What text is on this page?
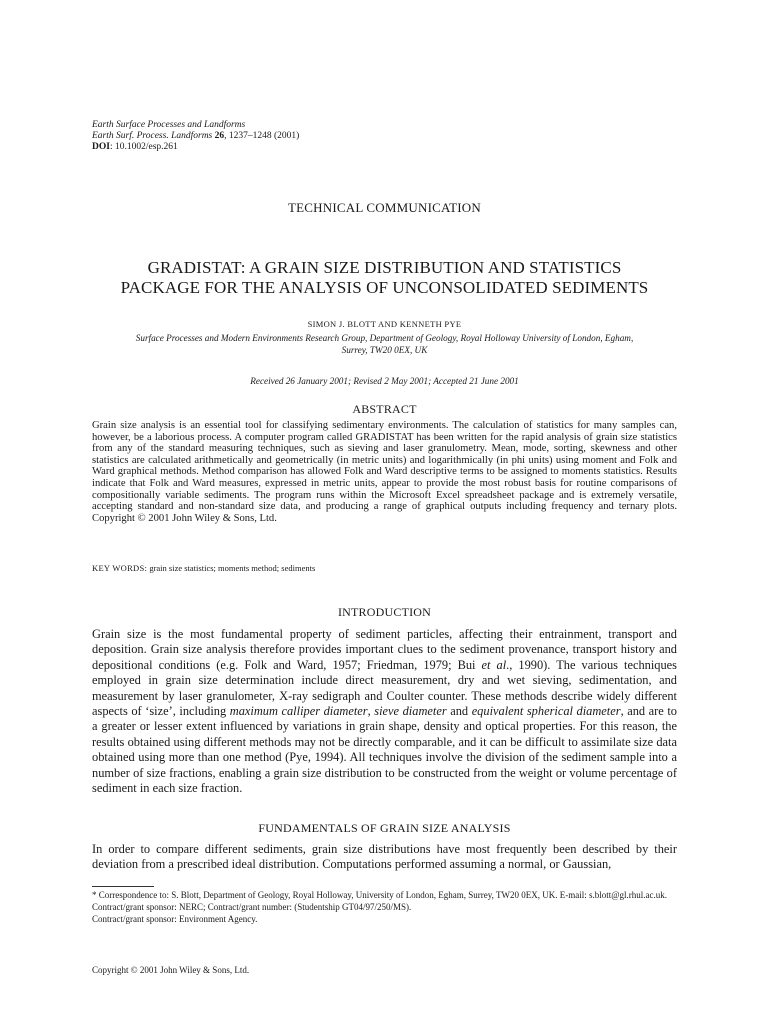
Earth Surface Processes and Landforms
Earth Surf. Process. Landforms 26, 1237–1248 (2001)
DOI: 10.1002/esp.261
TECHNICAL COMMUNICATION
GRADISTAT: A GRAIN SIZE DISTRIBUTION AND STATISTICS
PACKAGE FOR THE ANALYSIS OF UNCONSOLIDATED SEDIMENTS
SIMON J. BLOTT AND KENNETH PYE
Surface Processes and Modern Environments Research Group, Department of Geology, Royal Holloway University of London, Egham,
Surrey, TW20 0EX, UK
Received 26 January 2001; Revised 2 May 2001; Accepted 21 June 2001
ABSTRACT
Grain size analysis is an essential tool for classifying sedimentary environments. The calculation of statistics for many samples can, however, be a laborious process. A computer program called GRADISTAT has been written for the rapid analysis of grain size statistics from any of the standard measuring techniques, such as sieving and laser granulometry. Mean, mode, sorting, skewness and other statistics are calculated arithmetically and geometrically (in metric units) and logarithmically (in phi units) using moment and Folk and Ward graphical methods. Method comparison has allowed Folk and Ward descriptive terms to be assigned to moments statistics. Results indicate that Folk and Ward measures, expressed in metric units, appear to provide the most robust basis for routine comparisons of compositionally variable sediments. The program runs within the Microsoft Excel spreadsheet package and is extremely versatile, accepting standard and non-standard size data, and producing a range of graphical outputs including frequency and ternary plots. Copyright © 2001 John Wiley & Sons, Ltd.
KEY WORDS: grain size statistics; moments method; sediments
INTRODUCTION
Grain size is the most fundamental property of sediment particles, affecting their entrainment, transport and deposition. Grain size analysis therefore provides important clues to the sediment provenance, transport history and depositional conditions (e.g. Folk and Ward, 1957; Friedman, 1979; Bui et al., 1990). The various techniques employed in grain size determination include direct measurement, dry and wet sieving, sedimentation, and measurement by laser granulometer, X-ray sedigraph and Coulter counter. These methods describe widely different aspects of ‘size’, including maximum calliper diameter, sieve diameter and equivalent spherical diameter, and are to a greater or lesser extent influenced by variations in grain shape, density and optical properties. For this reason, the results obtained using different methods may not be directly comparable, and it can be difficult to assimilate size data obtained using more than one method (Pye, 1994). All techniques involve the division of the sediment sample into a number of size fractions, enabling a grain size distribution to be constructed from the weight or volume percentage of sediment in each size fraction.
FUNDAMENTALS OF GRAIN SIZE ANALYSIS
In order to compare different sediments, grain size distributions have most frequently been described by their deviation from a prescribed ideal distribution. Computations performed assuming a normal, or Gaussian,
* Correspondence to: S. Blott, Department of Geology, Royal Holloway, University of London, Egham, Surrey, TW20 0EX, UK. E-mail: s.blott@gl.rhul.ac.uk.
Contract/grant sponsor: NERC; Contract/grant number: (Studentship GT04/97/250/MS).
Contract/grant sponsor: Environment Agency.
Copyright © 2001 John Wiley & Sons, Ltd.
